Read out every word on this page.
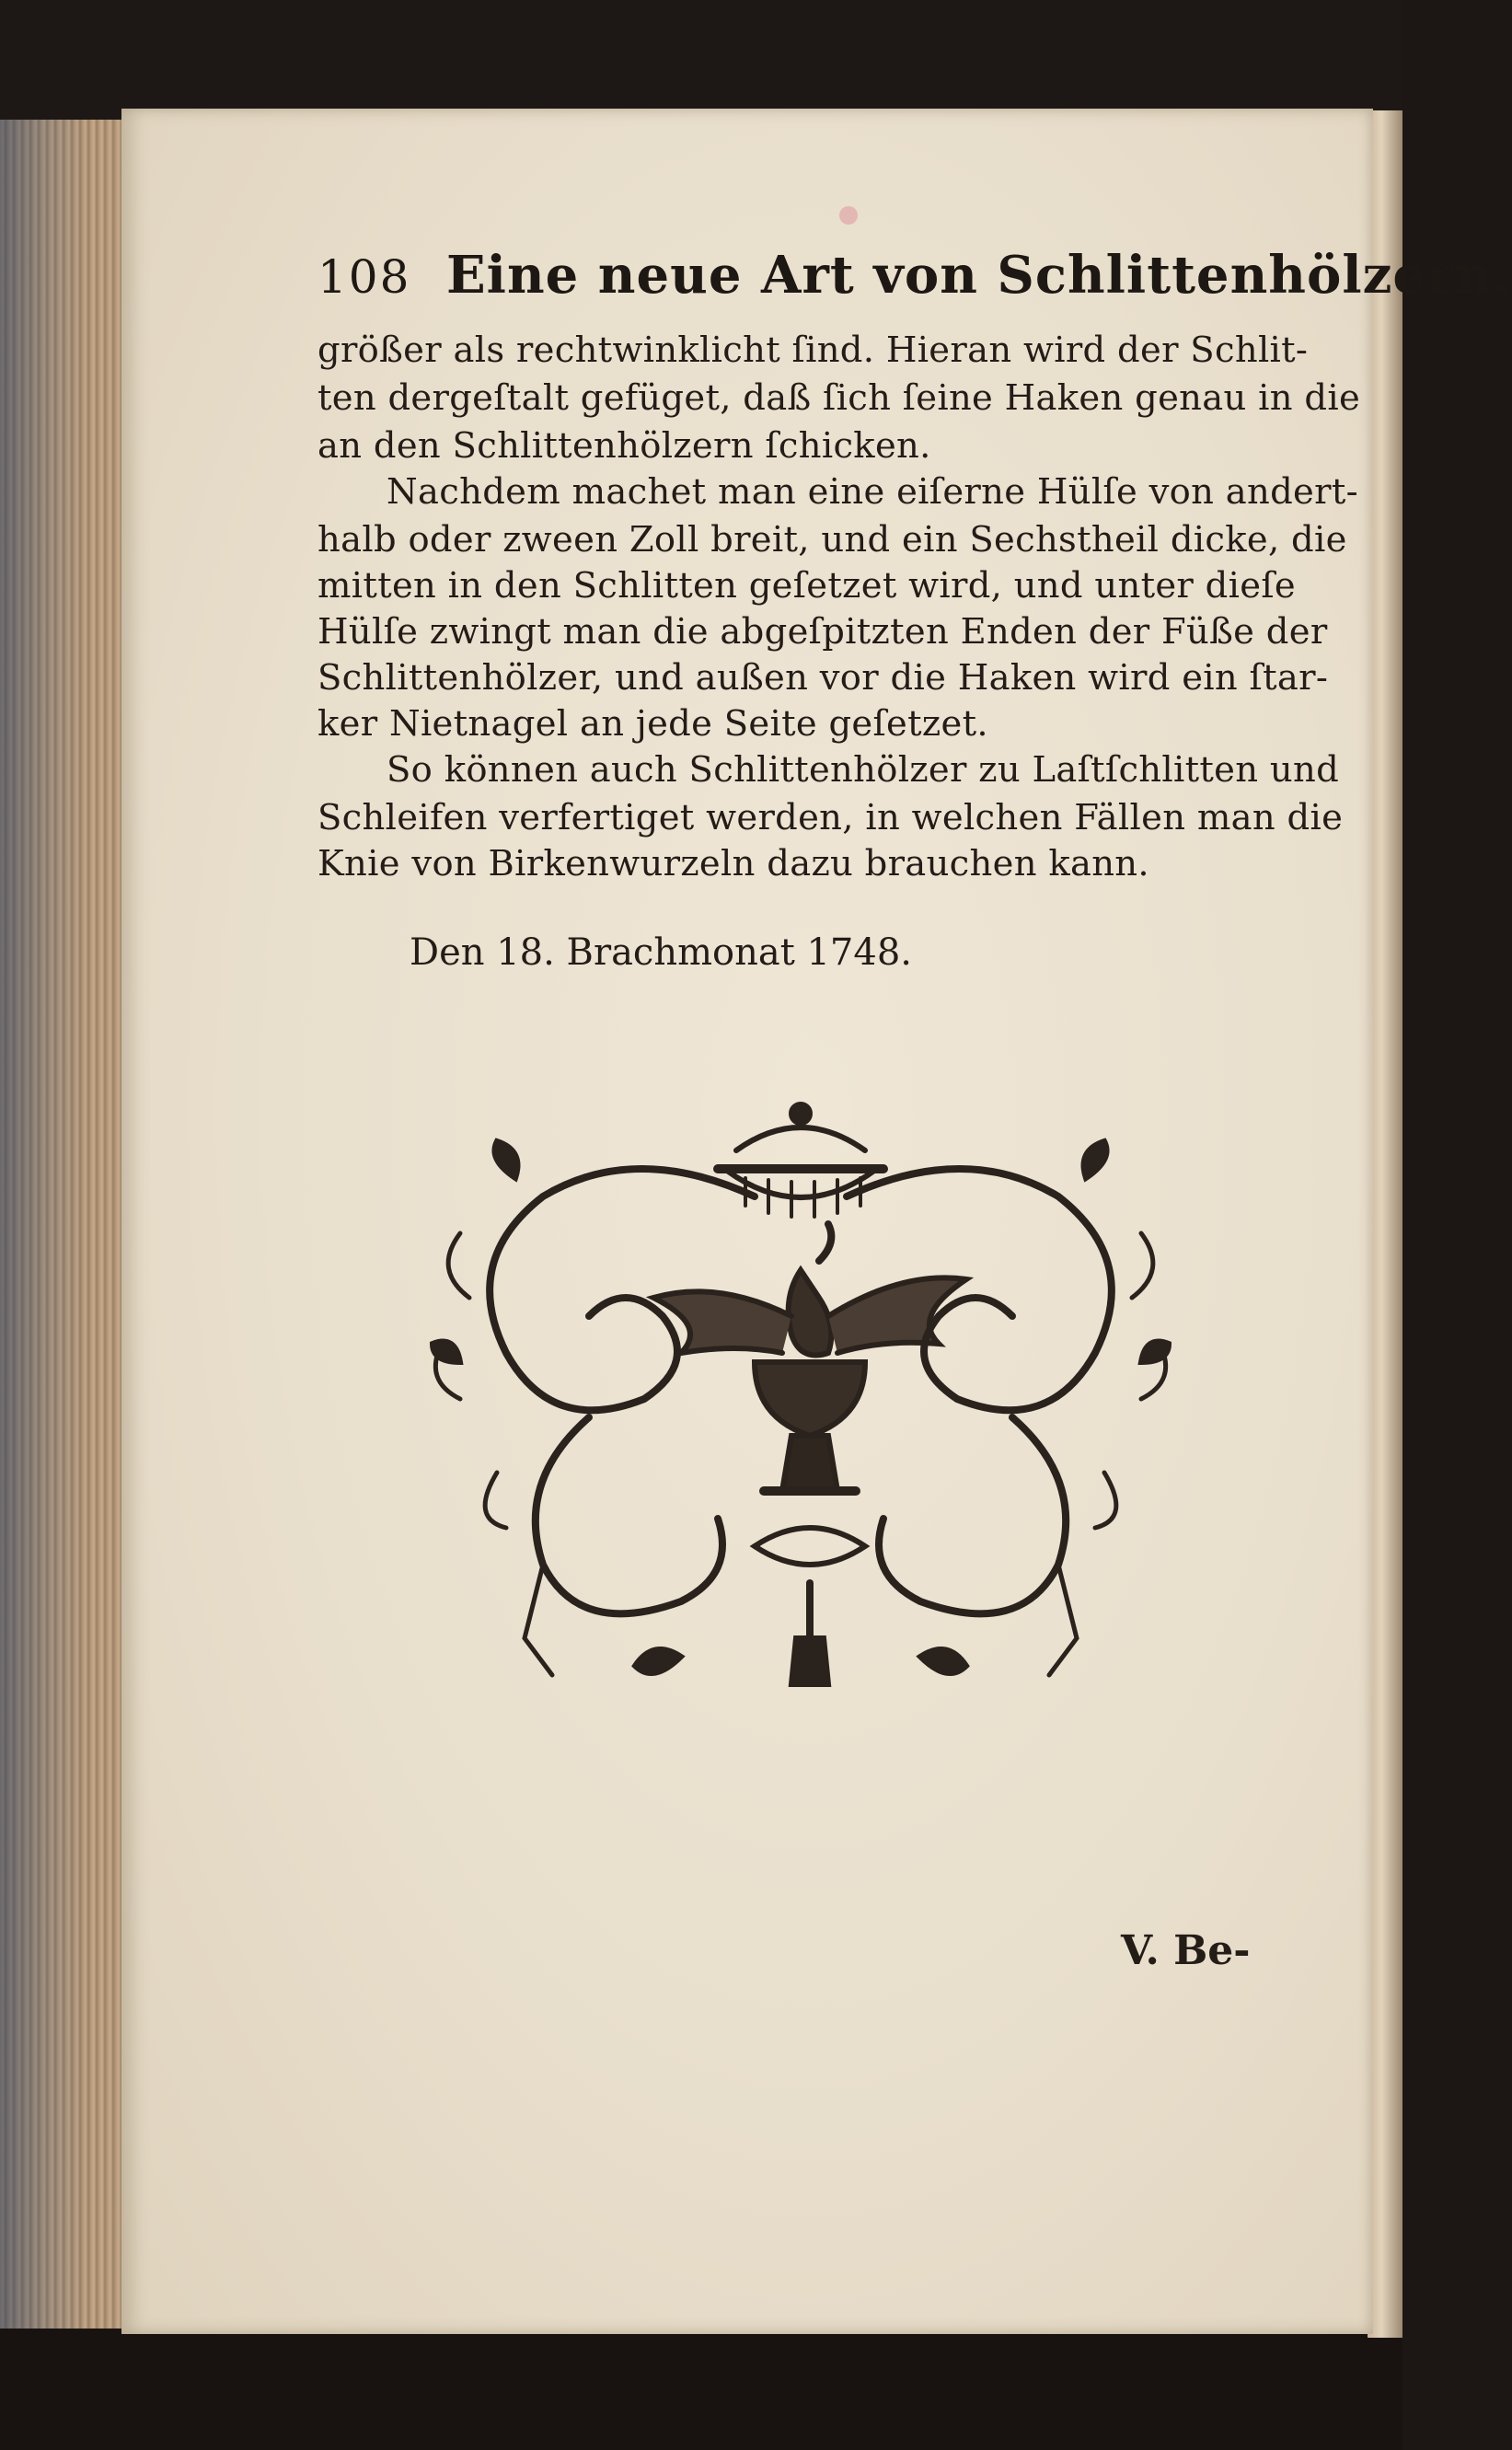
108 Eine neue Art von Schlittenhölzern.
größer als rechtwinklicht ſind. Hieran wird der Schlit-
ten dergeſtalt gefüget, daß ſich ſeine Haken genau in die
an den Schlittenhölzern ſchicken.
Nachdem machet man eine eiſerne Hülſe von andert-
halb oder zween Zoll breit, und ein Sechstheil dicke, die
mitten in den Schlitten geſetzet wird, und unter dieſe
Hülſe zwingt man die abgeſpitzten Enden der Füße der
Schlittenhölzer, und außen vor die Haken wird ein ſtar-
ker Nietnagel an jede Seite geſetzet.
So können auch Schlittenhölzer zu Laſtſchlitten und
Schleifen verfertiget werden, in welchen Fällen man die
Knie von Birkenwurzeln dazu brauchen kann.
Den 18. Brachmonat 1748.
V. Be-
